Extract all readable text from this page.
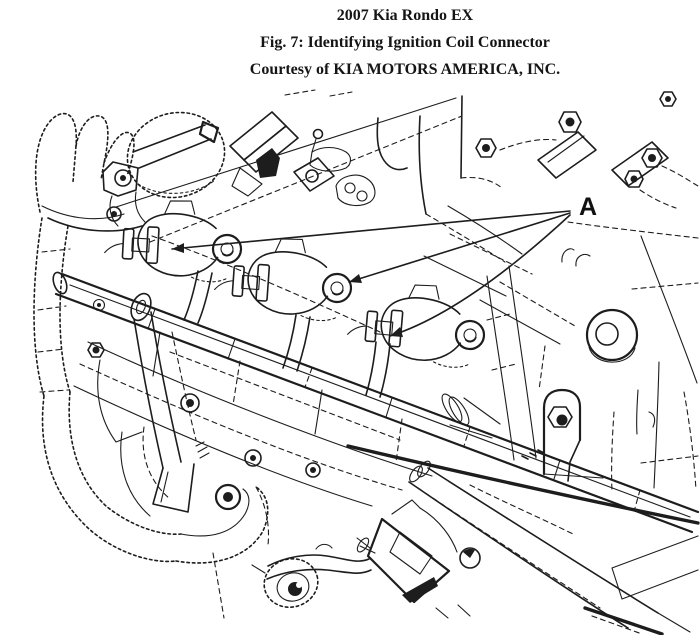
2007 Kia Rondo EX
Fig. 7: Identifying Ignition Coil Connector
Courtesy of KIA MOTORS AMERICA, INC.
A
